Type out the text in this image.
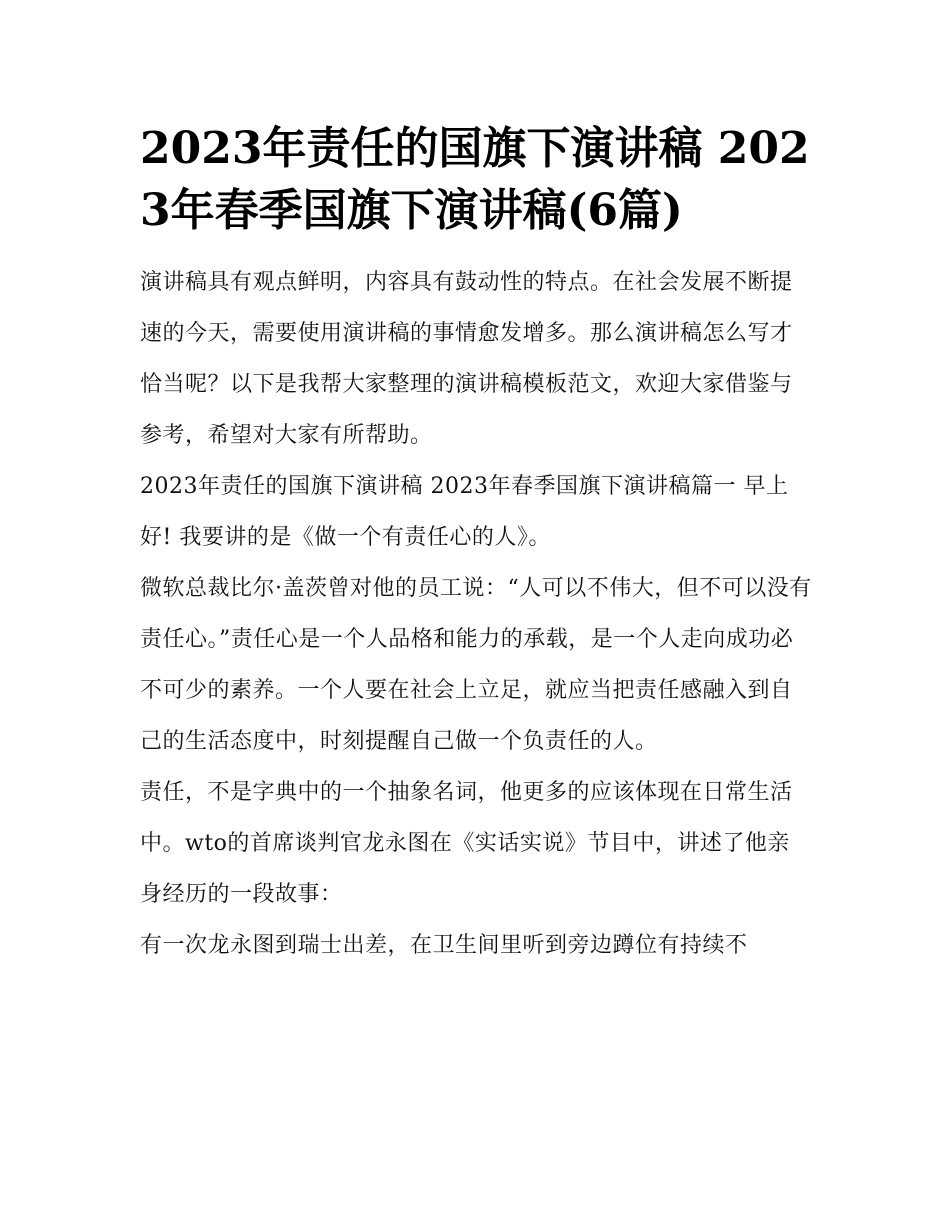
2023年责任的国旗下演讲稿 2023年春季国旗下演讲稿(6篇)

演讲稿具有观点鲜明，内容具有鼓动性的特点。在社会发展不断提速的今天，需要使用演讲稿的事情愈发增多。那么演讲稿怎么写才恰当呢？以下是我帮大家整理的演讲稿模板范文，欢迎大家借鉴与参考，希望对大家有所帮助。

2023年责任的国旗下演讲稿 2023年春季国旗下演讲稿篇一 早上好! 我要讲的是《做一个有责任心的人》。

微软总裁比尔·盖茨曾对他的员工说：“人可以不伟大，但不可以没有责任心。”责任心是一个人品格和能力的承载，是一个人走向成功必不可少的素养。一个人要在社会上立足，就应当把责任感融入到自己的生活态度中，时刻提醒自己做一个负责任的人。

责任，不是字典中的一个抽象名词，他更多的应该体现在日常生活中。wto的首席谈判官龙永图在《实话实说》节目中，讲述了他亲身经历的一段故事：

有一次龙永图到瑞士出差，在卫生间里听到旁边蹲位有持续不
